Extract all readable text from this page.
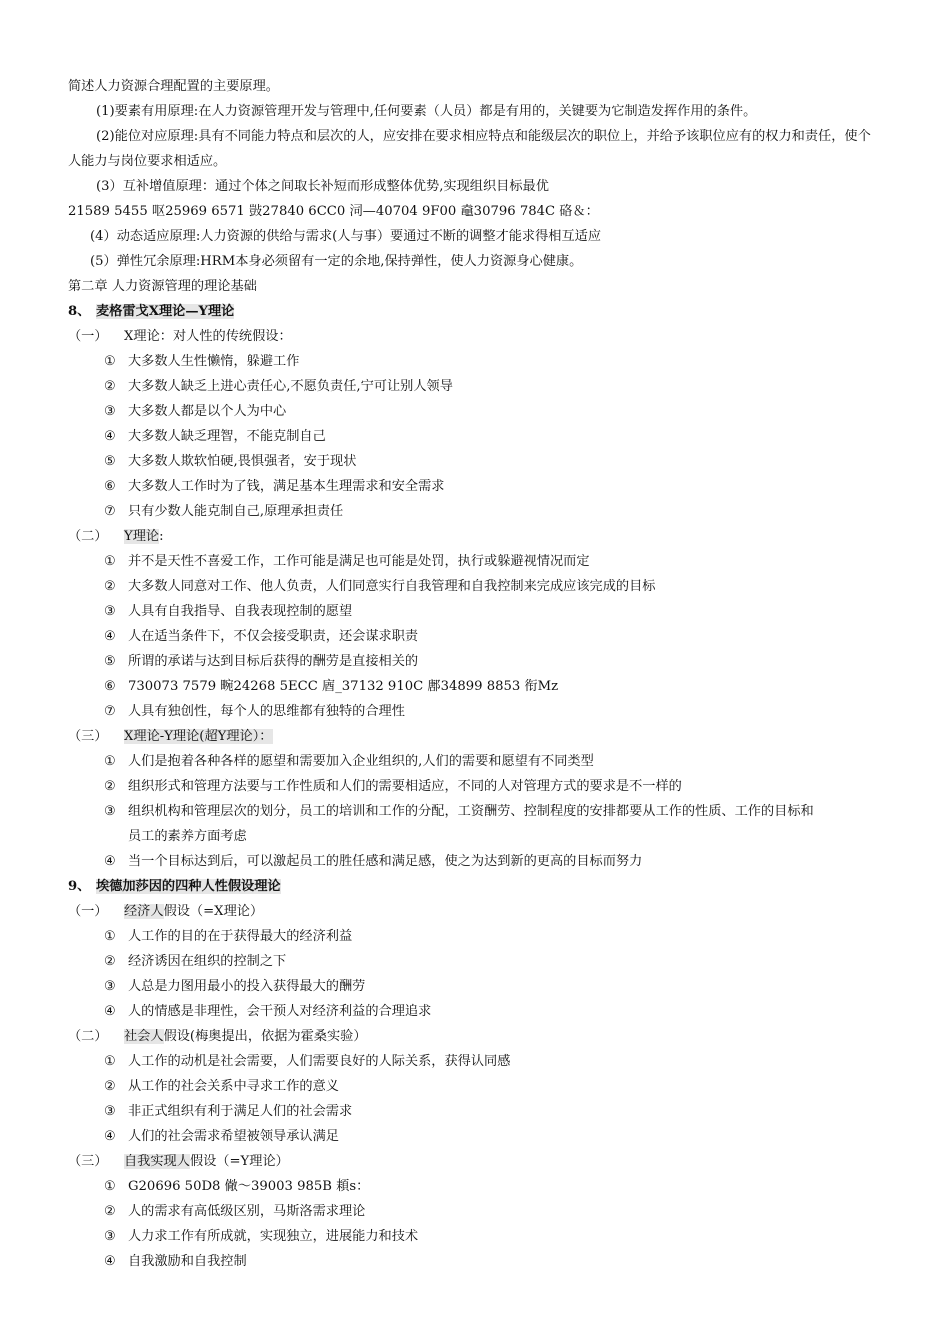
简述人力资源合理配置的主要原理。
(1)要素有用原理:在人力资源管理开发与管理中,任何要素（人员）都是有用的，关键要为它制造发挥作用的条件。
(2)能位对应原理:具有不同能力特点和层次的人，应安排在要求相应特点和能级层次的职位上，并给予该职位应有的权力和责任，使个人能力与岗位要求相适应。
(3）互补增值原理：通过个体之间取长补短而形成整体优势,实现组织目标最优
21589 5455 呕25969 6571 敱27840 6CC0 泀—40704 9F00 鼀30796 784C 硌＆：
(4）动态适应原理:人力资源的供给与需求(人与事）要通过不断的调整才能求得相互适应
(5）弹性冗余原理:HRM本身必须留有一定的余地,保持弹性，使人力资源身心健康。
第二章 人力资源管理的理论基础
8、 麦格雷戈X理论—Y理论
（一） X理论：对人性的传统假设：
① 大多数人生性懒惰，躲避工作
② 大多数人缺乏上进心责任心,不愿负责任,宁可让别人领导
③ 大多数人都是以个人为中心
④ 大多数人缺乏理智，不能克制自己
⑤ 大多数人欺软怕硬,畏惧强者，安于现状
⑥ 大多数人工作时为了钱，满足基本生理需求和安全需求
⑦ 只有少数人能克制自己,原理承担责任
（二） Y理论:
① 并不是天性不喜爱工作，工作可能是满足也可能是处罚，执行或躲避视情况而定
② 大多数人同意对工作、他人负责，人们同意实行自我管理和自我控制来完成应该完成的目标
③ 人具有自我指导、自我表现控制的愿望
④ 人在适当条件下，不仅会接受职责，还会谋求职责
⑤ 所谓的承诺与达到目标后获得的酬劳是直接相关的
⑥ 730073 7579 畹24268 5ECC 庮_37132 910C 鄌34899 8853 衔Mz
⑦ 人具有独创性，每个人的思维都有独特的合理性
（三） X理论-Y理论(超Y理论）：
① 人们是抱着各种各样的愿望和需要加入企业组织的,人们的需要和愿望有不同类型
② 组织形式和管理方法要与工作性质和人们的需要相适应，不同的人对管理方式的要求是不一样的
③ 组织机构和管理层次的划分，员工的培训和工作的分配，工资酬劳、控制程度的安排都要从工作的性质、工作的目标和
员工的素养方面考虑
④ 当一个目标达到后，可以激起员工的胜任感和满足感，使之为达到新的更高的目标而努力
9、 埃德加莎因的四种人性假设理论
（一） 经济人假设（=X理论）
① 人工作的目的在于获得最大的经济利益
② 经济诱因在组织的控制之下
③ 人总是力图用最小的投入获得最大的酬劳
④ 人的情感是非理性，会干预人对经济利益的合理追求
（二） 社会人假设(梅奥提出，依据为霍桑实验）
① 人工作的动机是社会需要，人们需要良好的人际关系，获得认同感
② 从工作的社会关系中寻求工作的意义
③ 非正式组织有利于满足人们的社会需求
④ 人们的社会需求希望被领导承认满足
（三） 自我实现人假设（=Y理论）
① G20696 50D8 僘～39003 985B 頛s：
② 人的需求有高低级区别，马斯洛需求理论
③ 人力求工作有所成就，实现独立，进展能力和技术
④ 自我激励和自我控制
